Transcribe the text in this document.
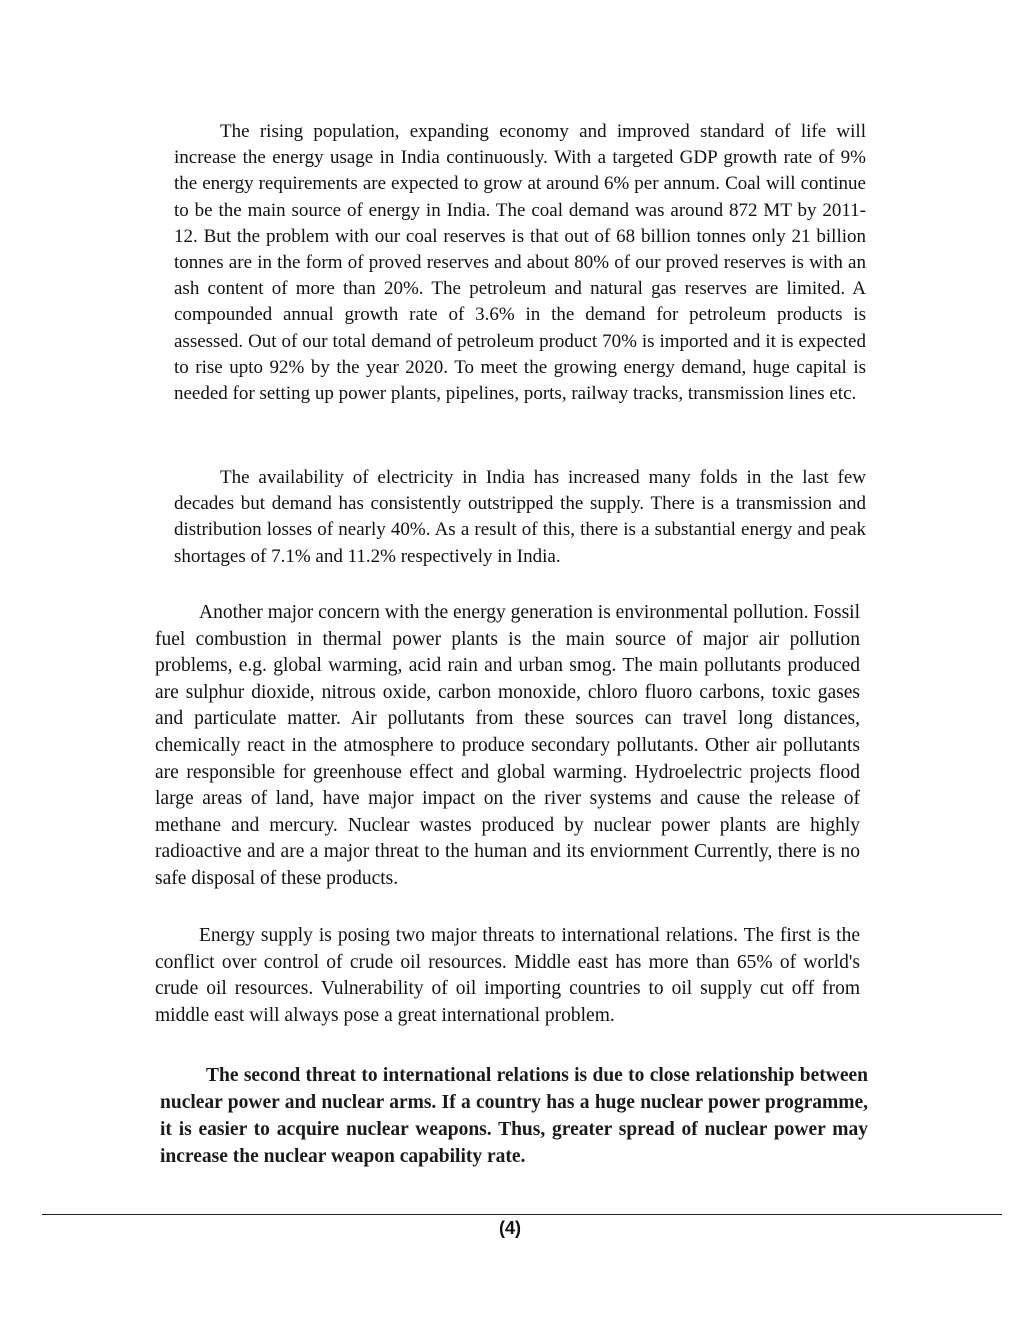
The rising population, expanding economy and improved standard of life will increase the energy usage in India continuously. With a targeted GDP growth rate of 9% the energy requirements are expected to grow at around 6% per annum. Coal will continue to be the main source of energy in India. The coal demand was around 872 MT by 2011-12. But the problem with our coal reserves is that out of 68 billion tonnes only 21 billion tonnes are in the form of proved reserves and about 80% of our proved reserves is with an ash content of more than 20%. The petroleum and natural gas reserves are limited. A compounded annual growth rate of 3.6% in the demand for petroleum products is assessed. Out of our total demand of petroleum product 70% is imported and it is expected to rise upto 92% by the year 2020. To meet the growing energy demand, huge capital is needed for setting up power plants, pipelines, ports, railway tracks, transmission lines etc.

The availability of electricity in India has increased many folds in the last few decades but demand has consistently outstripped the supply. There is a transmission and distribution losses of nearly 40%. As a result of this, there is a substantial energy and peak shortages of 7.1% and 11.2% respectively in India.

Another major concern with the energy generation is environmental pollution. Fossil fuel combustion in thermal power plants is the main source of major air pollution problems, e.g. global warming, acid rain and urban smog. The main pollutants produced are sulphur dioxide, nitrous oxide, carbon monoxide, chloro fluoro carbons, toxic gases and particulate matter. Air pollutants from these sources can travel long distances, chemically react in the atmosphere to produce secondary pollutants. Other air pollutants are responsible for greenhouse effect and global warming. Hydroelectric projects flood large areas of land, have major impact on the river systems and cause the release of methane and mercury. Nuclear wastes produced by nuclear power plants are highly radioactive and are a major threat to the human and its enviornment Currently, there is no safe disposal of these products.

Energy supply is posing two major threats to international relations. The first is the conflict over control of crude oil resources. Middle east has more than 65% of world's crude oil resources. Vulnerability of oil importing countries to oil supply cut off from middle east will always pose a great international problem.

The second threat to international relations is due to close relationship between nuclear power and nuclear arms. If a country has a huge nuclear power programme, it is easier to acquire nuclear weapons. Thus, greater spread of nuclear power may increase the nuclear weapon capability rate.

(4)
